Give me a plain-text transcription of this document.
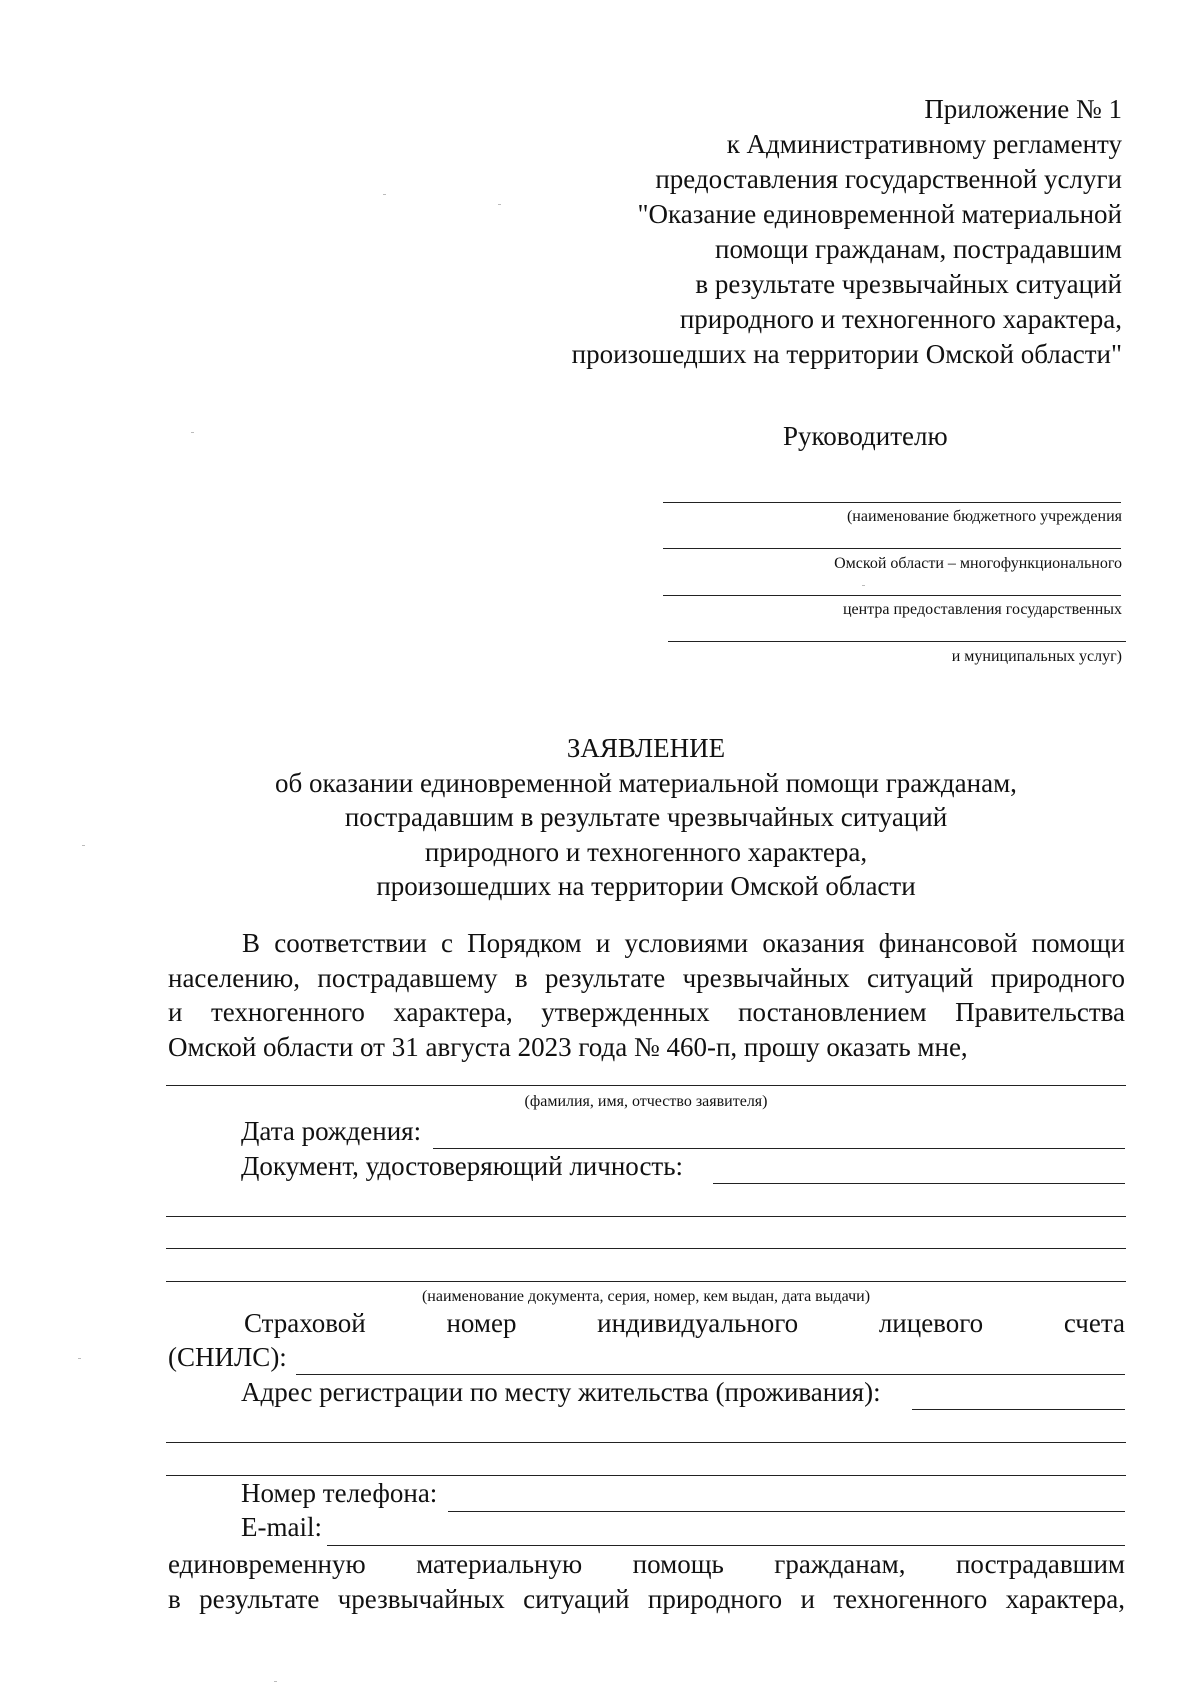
Приложение № 1
к Административному регламенту
предоставления государственной услуги
"Оказание единовременной материальной
помощи гражданам, пострадавшим
в результате чрезвычайных ситуаций
природного и техногенного характера,
произошедших на территории Омской области"
Руководителю
(наименование бюджетного учреждения
Омской области – многофункционального
центра предоставления государственных
и муниципальных услуг)
ЗАЯВЛЕНИЕ
об оказании единовременной материальной помощи гражданам,
пострадавшим в результате чрезвычайных ситуаций
природного и техногенного характера,
произошедших на территории Омской области
В соответствии с Порядком и условиями оказания финансовой помощи
населению, пострадавшему в результате чрезвычайных ситуаций природного
и техногенного характера, утвержденных постановлением Правительства
Омской области от 31 августа 2023 года № 460-п, прошу оказать мне,
(фамилия, имя, отчество заявителя)
Дата рождения:
Документ, удостоверяющий личность:
(наименование документа, серия, номер, кем выдан, дата выдачи)
Страховой	номер	индивидуального	лицевого	счета
(СНИЛС):
Адрес регистрации по месту жительства (проживания):
Номер телефона:
E-mail:
единовременную материальную помощь гражданам, пострадавшим
в результате чрезвычайных ситуаций природного и техногенного характера,
